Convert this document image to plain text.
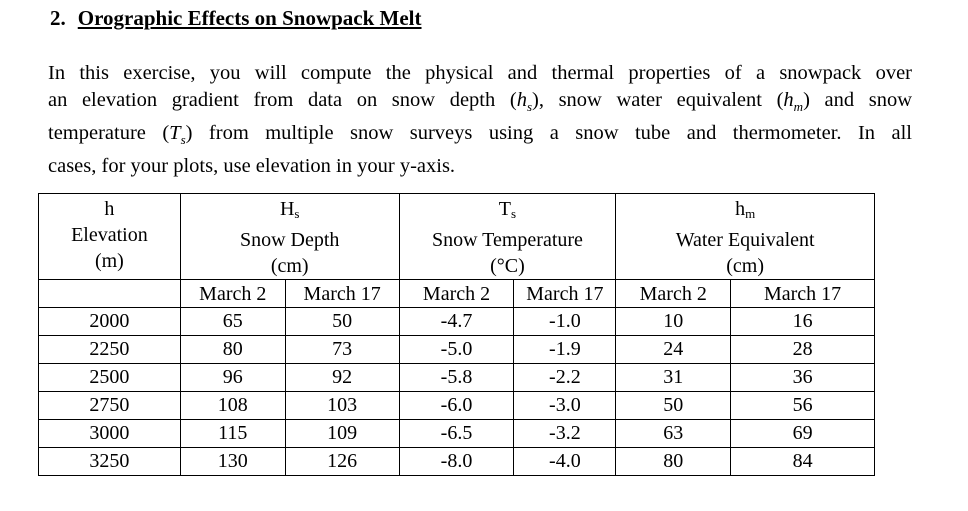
2. Orographic Effects on Snowpack Melt
In this exercise, you will compute the physical and thermal properties of a snowpack over
an elevation gradient from data on snow depth $(h_s)$, snow water equivalent $(h_m)$ and snow
temperature $(T_s)$ from multiple snow surveys using a snow tube and thermometer. In all
cases, for your plots, use elevation in your y-axis.
h
Elevation
(m)	$H_s$
Snow Depth
(cm)		$T_s$
Snow Temperature
(°C)		$h_m$
Water Equivalent
(cm)	

	March 2	March 17	March 2	March 17	March 2	March 17
2000	65	50	-4.7	-1.0	10	16
2250	80	73	-5.0	-1.9	24	28
2500	96	92	-5.8	-2.2	31	36
2750	108	103	-6.0	-3.0	50	56
3000	115	109	-6.5	-3.2	63	69
3250	130	126	-8.0	-4.0	80	84
